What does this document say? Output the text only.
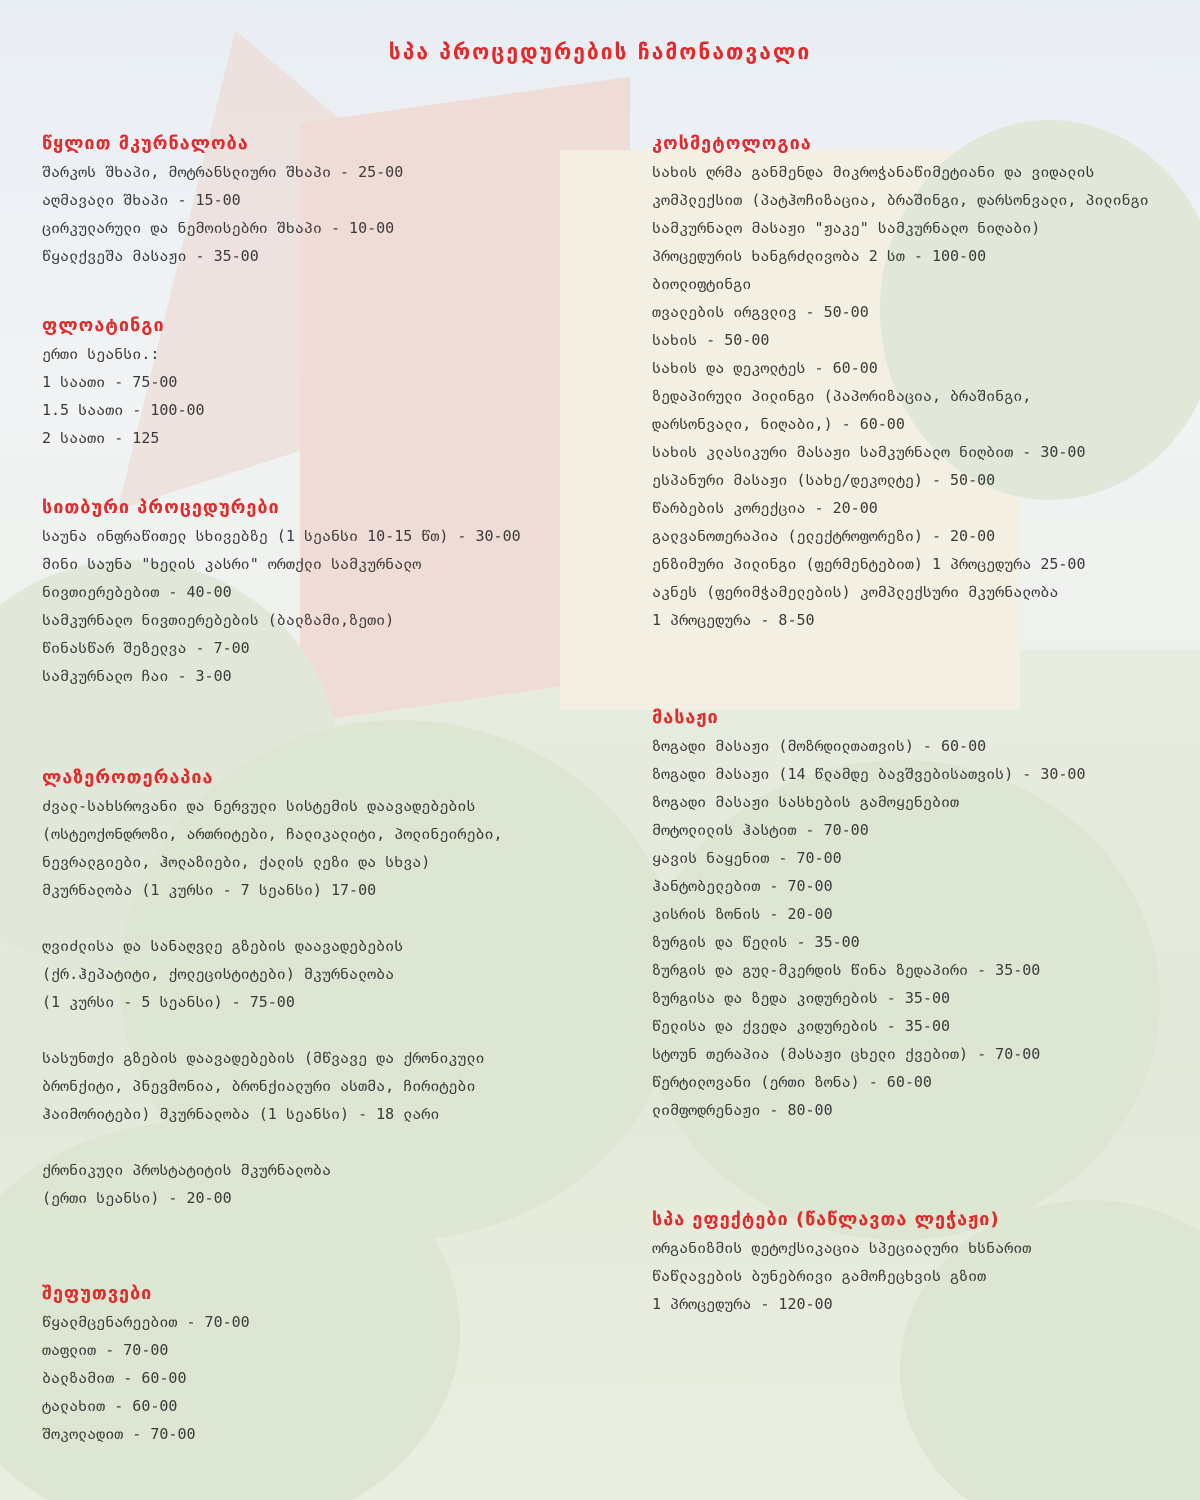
სპა პროცედურების ჩამონათვალი
წყლით მკურნალობა
შარკოს შხაპი, მოტრანსლიური შხაპი - 25-00
აღმავალი შხაპი - 15-00
ცირკულარული და ნემოისებრი შხაპი - 10-00
წყალქვეშა მასაჟი - 35-00
ფლოატინგი
ერთი სეანსი.:
1 საათი - 75-00
1.5 საათი - 100-00
2 საათი - 125
სითბური პროცედურები
საუნა ინფრაწითელ სხივებზე (1 სეანსი 10-15 წთ) - 30-00
მინი საუნა "ხელის კასრი" ორთქლი სამკურნალო
ნივთიერებებით - 40-00
სამკურნალო ნივთიერებების (ბალზამი,ზეთი)
წინასწარ შეზელვა - 7-00
სამკურნალო ჩაი - 3-00
ლაზეროთერაპია
ძვალ-სახსროვანი და ნერვული სისტემის დაავადებების
(ოსტეოქონდროზი, ართრიტები, ჩალიკალიტი, პოლინეირები,
ნევრალგიები, ჰოლაზიები, ქალის ლეზი და სხვა)
მკურნალობა (1 კურსი - 7 სეანსი) 17-00
ღვიძლისა და სანაღვლე გზების დაავადებების
(ქრ.ჰეპატიტი, ქოლეცისტიტები) მკურნალობა
(1 კურსი - 5 სეანსი) - 75-00
სასუნთქი გზების დაავადებების (მწვავე და ქრონიკული
ბრონქიტი, პნევმონია, ბრონქიალური ასთმა, ჩირიტები
ჰაიმორიტები) მკურნალობა (1 სეანსი) - 18 ლარი
ქრონიკული პროსტატიტის მკურნალობა
(ერთი სეანსი) - 20-00
შეფუთვები
წყალმცენარეებით - 70-00
თაფლით - 70-00
ბალზამით - 60-00
ტალახით - 60-00
შოკოლადით - 70-00
კოსმეტოლოგია
სახის ღრმა განმენდა მიკროჭანაწიმეტიანი და ვიდალის
კომპლექსით (პატჰოჩიზაცია, ბრაშინგი, დარსონვალი, პილინგი
სამკურნალო მასაჟი "ჟაკე" სამკურნალო ნიღაბი)
პროცედურის ხანგრძლივობა 2 სთ - 100-00
ბიოლიფტინგი
თვალების ირგვლივ - 50-00
სახის - 50-00
სახის და დეკოლტეს - 60-00
ზედაპირული პილინგი (პაპორიზაცია, ბრაშინგი,
დარსონვალი, ნიღაბი,) - 60-00
სახის კლასიკური მასაჟი სამკურნალო ნიღბით - 30-00
ესპანური მასაჟი (სახე/დეკოლტე) - 50-00
წარბების კორექცია - 20-00
გალვანოთერაპია (ელექტროფორეზი) - 20-00
ენზიმური პილინგი (ფერმენტებით) 1 პროცედურა 25-00
აკნეს (ფერიმჭამელების) კომპლექსური მკურნალობა
1 პროცედურა - 8-50
მასაჟი
ზოგადი მასაჟი (მოზრდილთათვის) - 60-00
ზოგადი მასაჟი (14 წლამდე ბავშვებისათვის) - 30-00
ზოგადი მასაჟი სასხების გამოყენებით
მოტოლილის ჰასტით - 70-00
ყავის ნაყენით - 70-00
ჰანტობელებით - 70-00
კისრის ზონის - 20-00
ზურგის და წელის - 35-00
ზურგის და გულ-მკერდის წინა ზედაპირი - 35-00
ზურგისა და ზედა კიდურების - 35-00
წელისა და ქვედა კიდურების - 35-00
სტოუნ თერაპია (მასაჟი ცხელი ქვებით) - 70-00
წერტილოვანი (ერთი ზონა) - 60-00
ლიმფოდრენაჟი - 80-00
სპა ეფექტები (წაწლავთა ლეჭაჟი)
ორგანიზმის დეტოქსიკაცია სპეციალური ხსნარით
წაწლავების ბუნებრივი გამოჩეცხვის გზით
1 პროცედურა - 120-00
